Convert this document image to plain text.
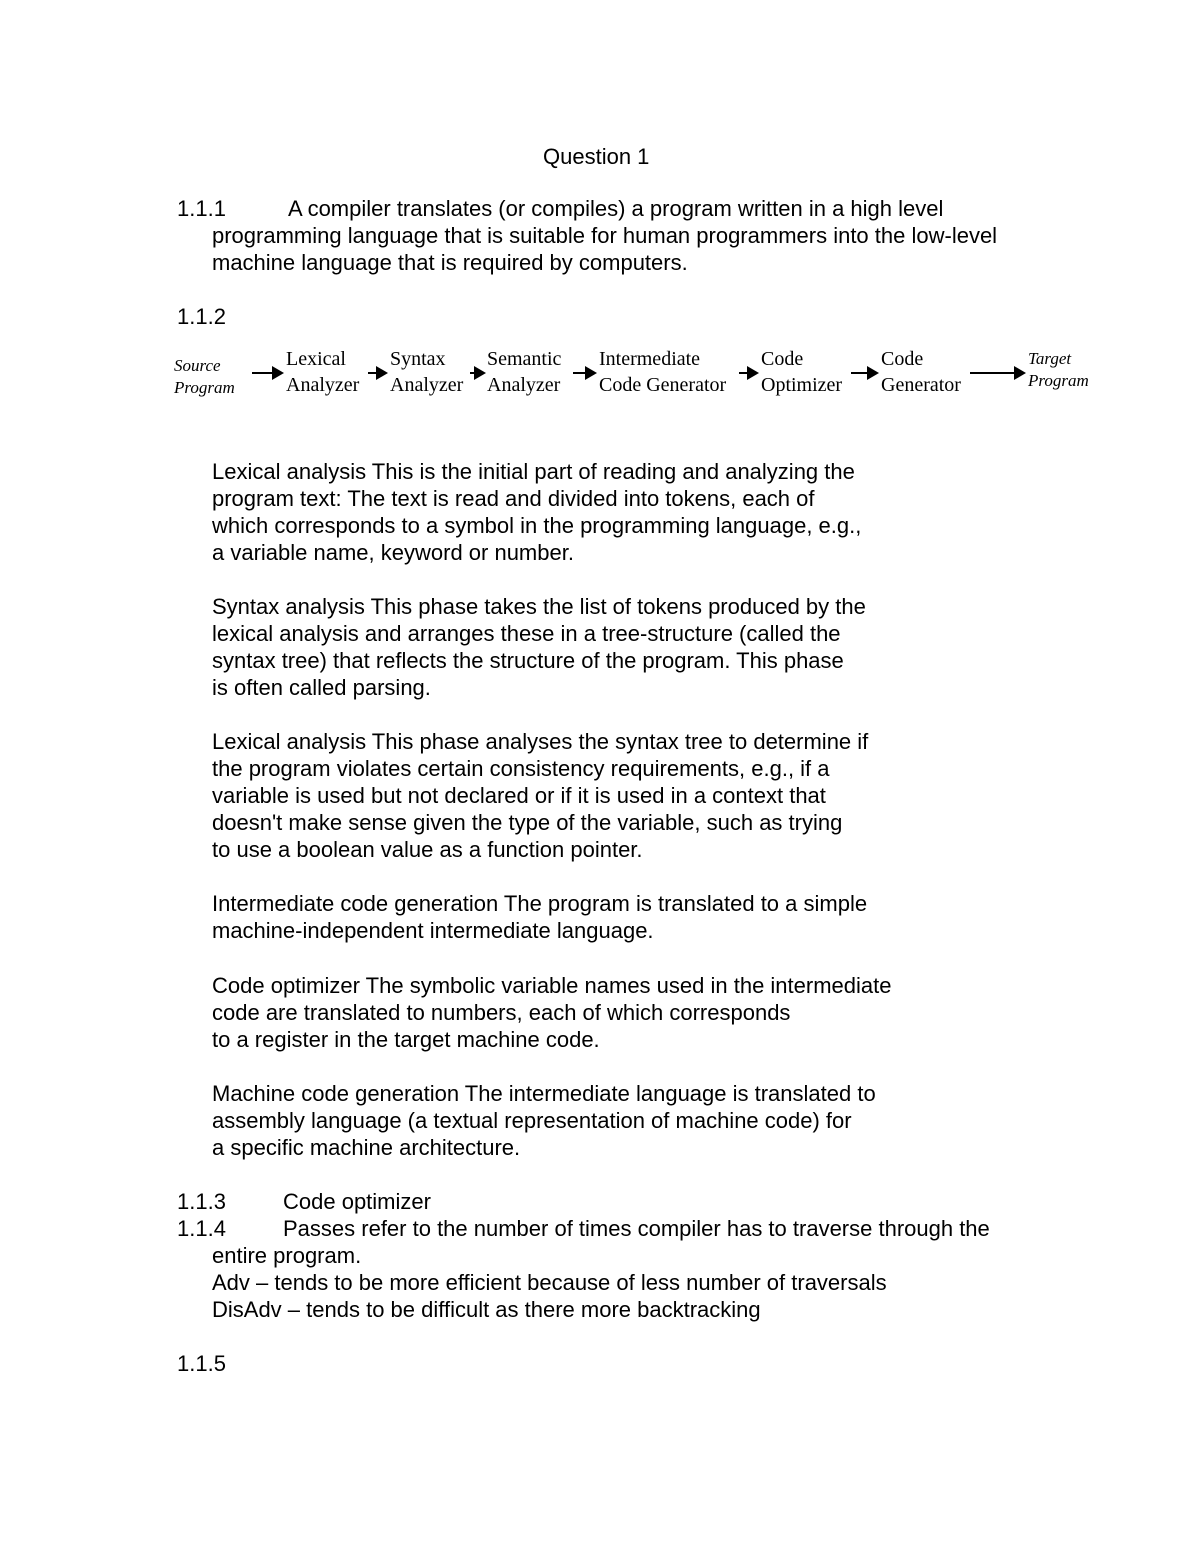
Question 1
1.1.1	A compiler translates (or compiles) a program written in a high level
programming language that is suitable for human programmers into the low-level
machine language that is required by computers.
1.1.2
Source
Program
Lexical
Analyzer
Syntax
Analyzer
Semantic
Analyzer
Intermediate
Code Generator
Code
Optimizer
Code
Generator
Target
Program
Lexical analysis This is the initial part of reading and analyzing the
program text: The text is read and divided into tokens, each of
which corresponds to a symbol in the programming language, e.g.,
a variable name, keyword or number.
Syntax analysis This phase takes the list of tokens produced by the
lexical analysis and arranges these in a tree-structure (called the
syntax tree) that reflects the structure of the program. This phase
is often called parsing.
Lexical analysis This phase analyses the syntax tree to determine if
the program violates certain consistency requirements, e.g., if a
variable is used but not declared or if it is used in a context that
doesn't make sense given the type of the variable, such as trying
to use a boolean value as a function pointer.
Intermediate code generation The program is translated to a simple
machine-independent intermediate language.
Code optimizer The symbolic variable names used in the intermediate
code are translated to numbers, each of which corresponds
to a register in the target machine code.
Machine code generation The intermediate language is translated to
assembly language (a textual representation of machine code) for
a specific machine architecture.
1.1.3	Code optimizer
1.1.4	Passes refer to the number of times compiler has to traverse through the
entire program.
Adv – tends to be more efficient because of less number of traversals
DisAdv – tends to be difficult as there more backtracking
1.1.5
